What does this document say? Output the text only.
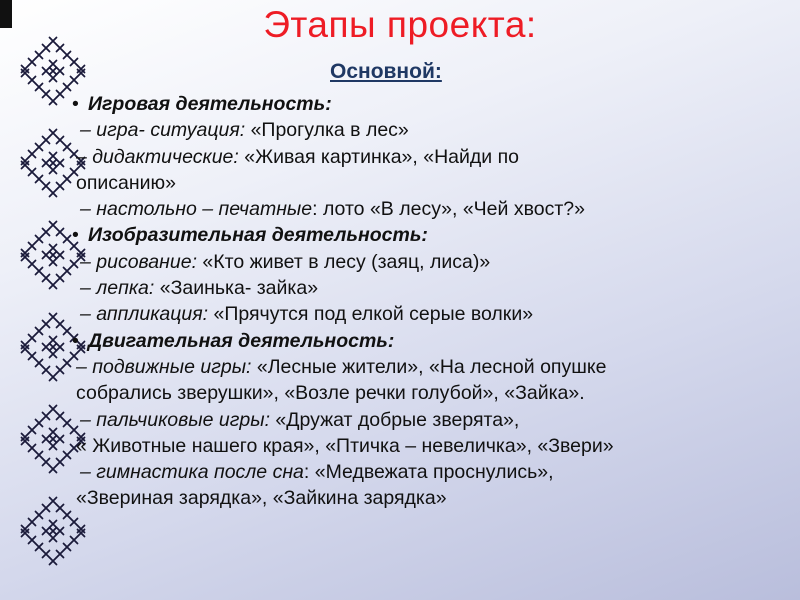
Этапы проекта:
Основной:
• Игровая деятельность:
– игра- ситуация: «Прогулка в лес»
– дидактические: «Живая картинка», «Найди по
описанию»
– настольно – печатные: лото «В лесу», «Чей хвост?»
• Изобразительная деятельность:
– рисование: «Кто живет в лесу (заяц, лиса)»
– лепка: «Заинька- зайка»
– аппликация: «Прячутся под елкой серые волки»
• Двигательная деятельность:
– подвижные игры: «Лесные жители», «На лесной опушке
собрались зверушки», «Возле речки голубой», «Зайка».
– пальчиковые игры: «Дружат добрые зверята»,
« Животные нашего края», «Птичка – невеличка», «Звери»
– гимнастика после сна: «Медвежата проснулись»,
«Звериная зарядка», «Зайкина зарядка»
